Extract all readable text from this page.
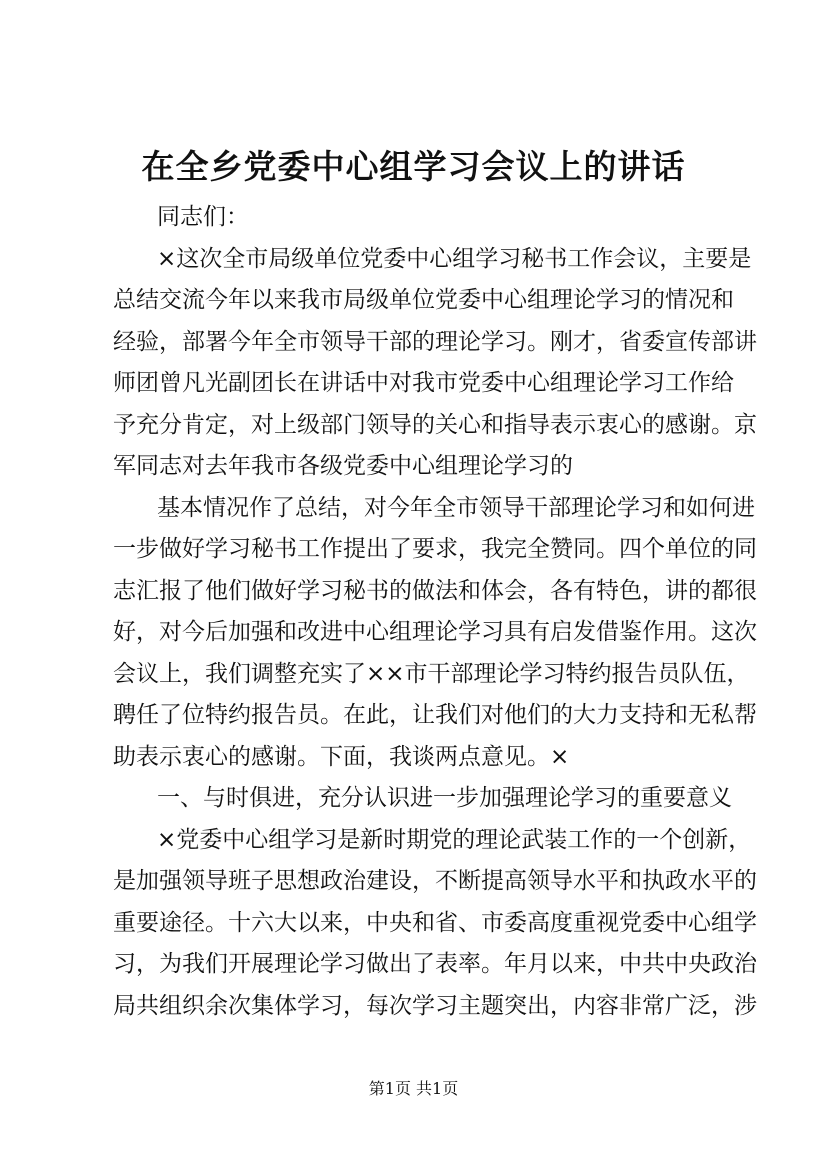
在全乡党委中心组学习会议上的讲话
同志们：
×这次全市局级单位党委中心组学习秘书工作会议，主要是
总结交流今年以来我市局级单位党委中心组理论学习的情况和
经验，部署今年全市领导干部的理论学习。刚才，省委宣传部讲
师团曾凡光副团长在讲话中对我市党委中心组理论学习工作给
予充分肯定，对上级部门领导的关心和指导表示衷心的感谢。京
军同志对去年我市各级党委中心组理论学习的
基本情况作了总结，对今年全市领导干部理论学习和如何进
一步做好学习秘书工作提出了要求，我完全赞同。四个单位的同
志汇报了他们做好学习秘书的做法和体会，各有特色，讲的都很
好，对今后加强和改进中心组理论学习具有启发借鉴作用。这次
会议上，我们调整充实了××市干部理论学习特约报告员队伍，
聘任了位特约报告员。在此，让我们对他们的大力支持和无私帮
助表示衷心的感谢。下面，我谈两点意见。×
一、与时俱进，充分认识进一步加强理论学习的重要意义
×党委中心组学习是新时期党的理论武装工作的一个创新，
是加强领导班子思想政治建设，不断提高领导水平和执政水平的
重要途径。十六大以来，中央和省、市委高度重视党委中心组学
习，为我们开展理论学习做出了表率。年月以来，中共中央政治
局共组织余次集体学习，每次学习主题突出，内容非常广泛，涉
第1页 共1页
